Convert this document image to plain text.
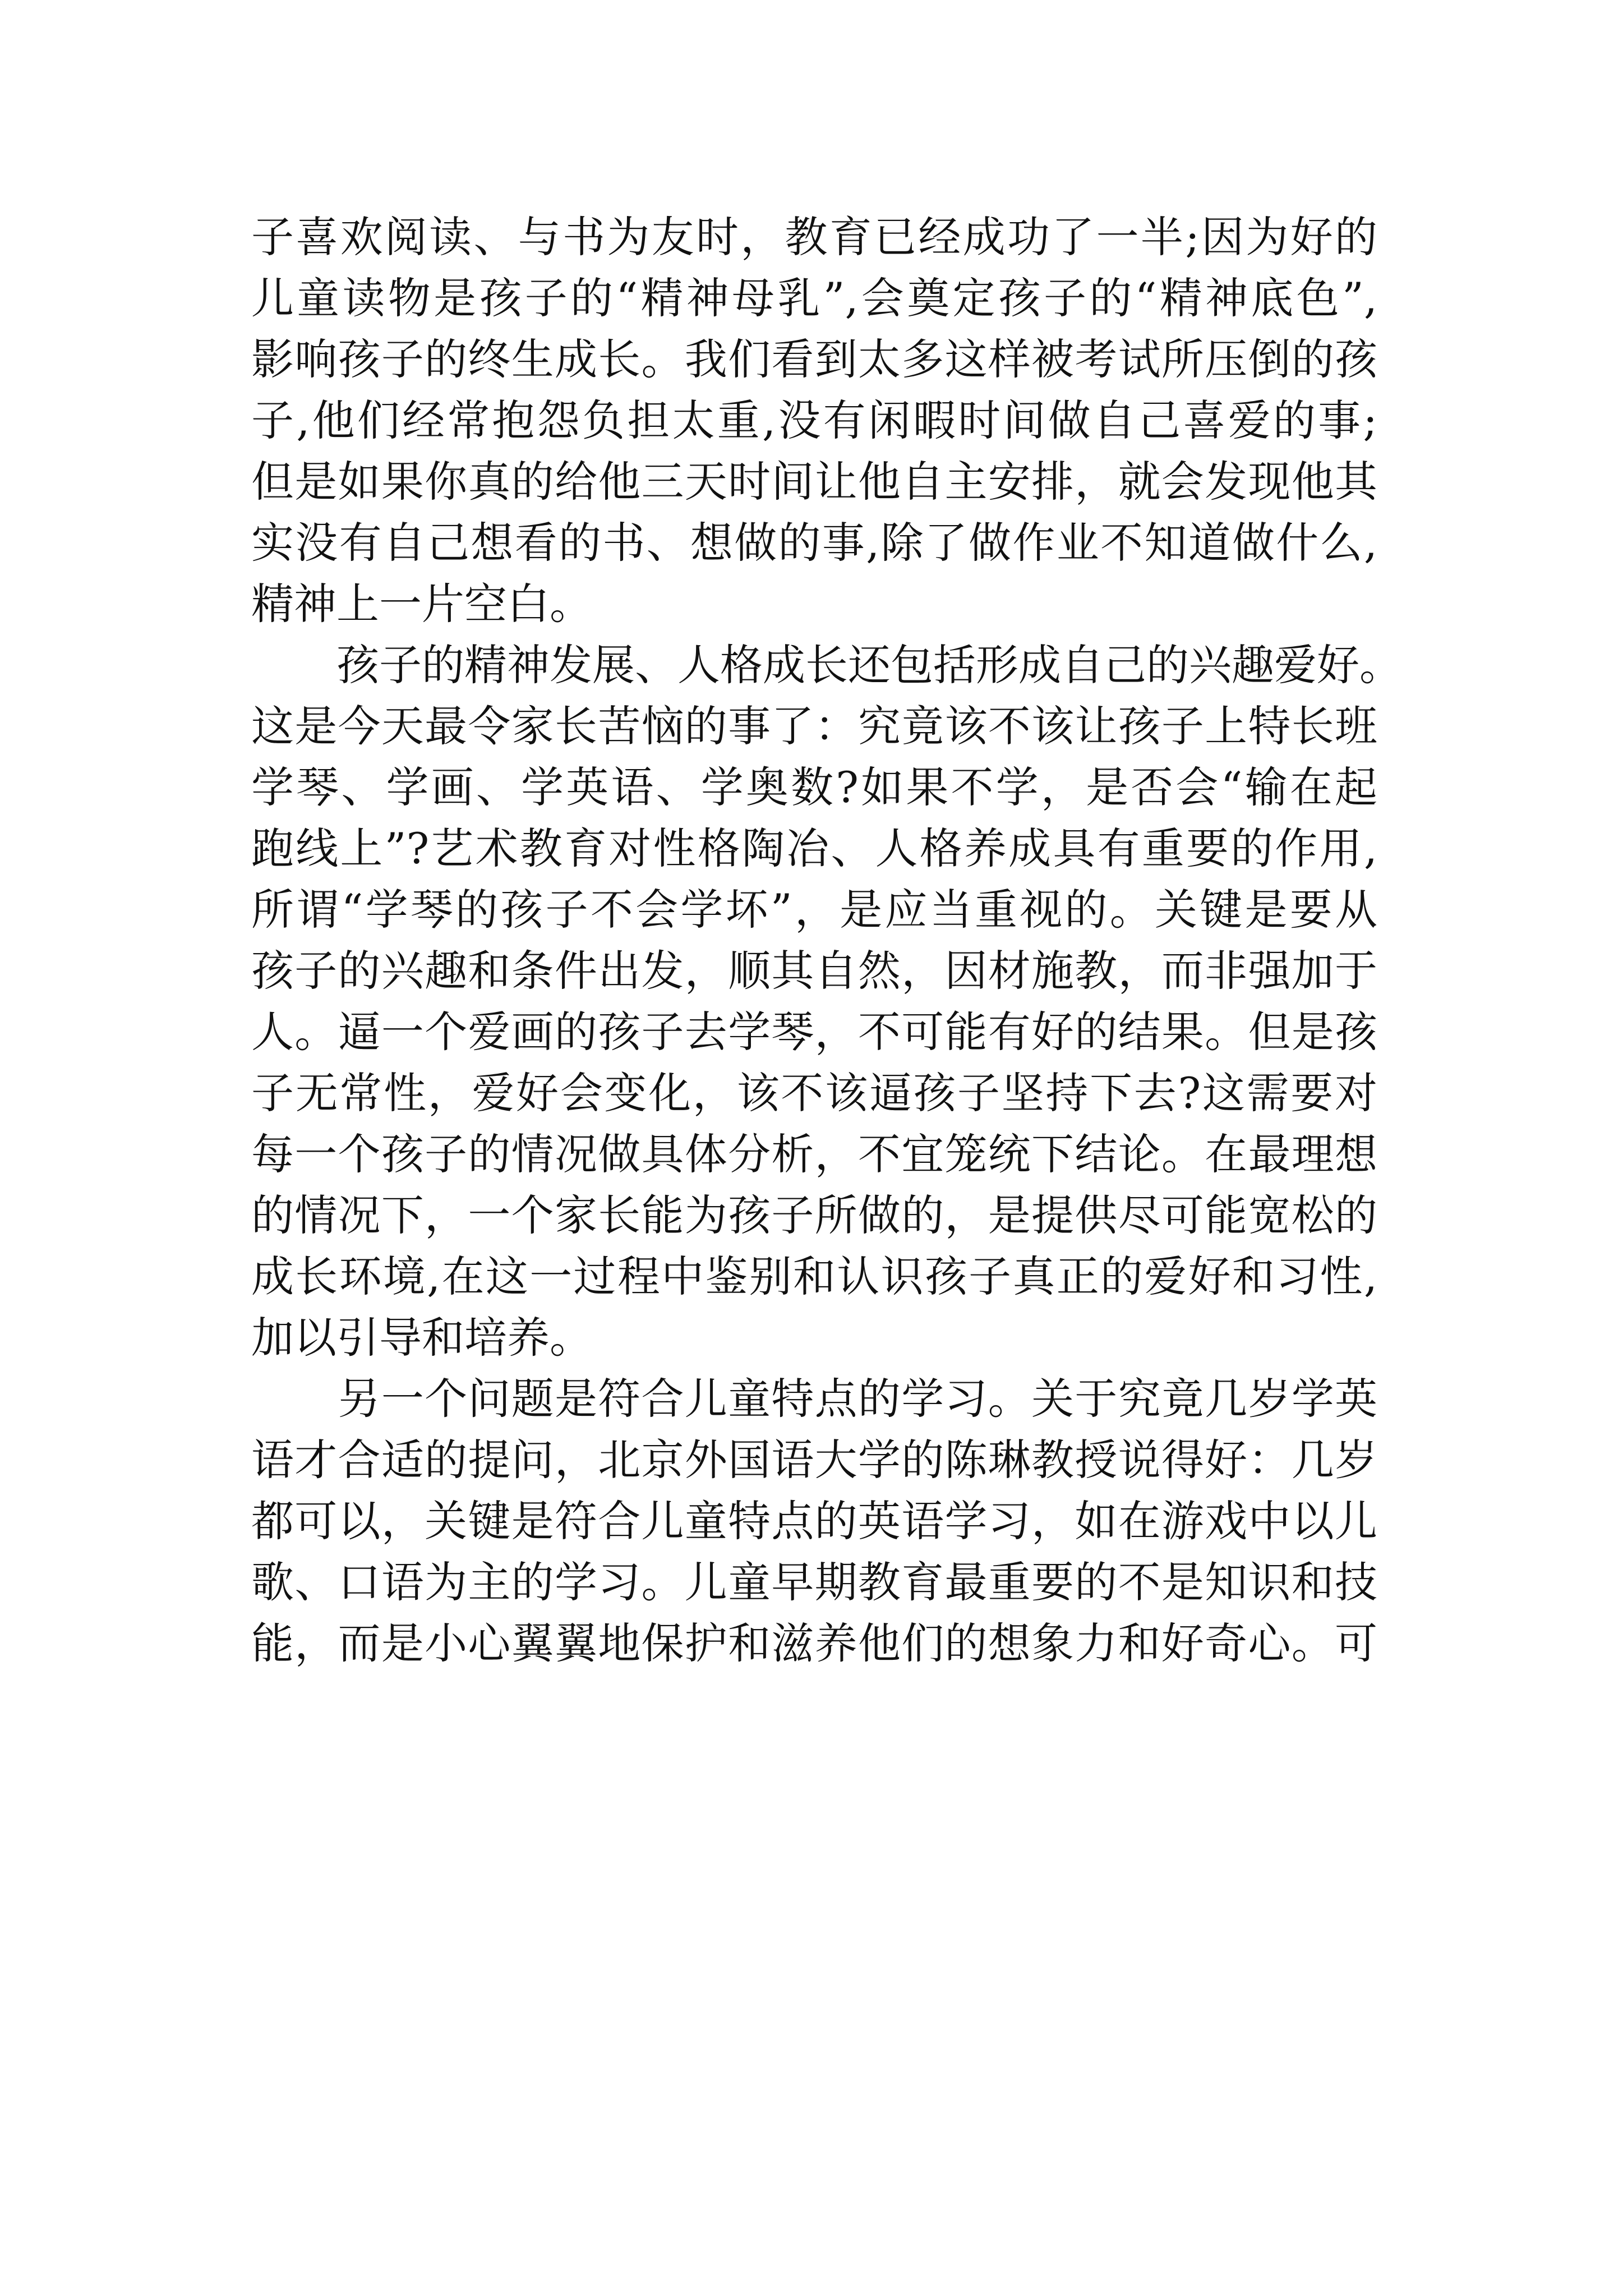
子喜欢阅读、与书为友时，教育已经成功了一半;因为好的
儿童读物是孩子的“精神母乳”,会奠定孩子的“精神底色”,
影响孩子的终生成长。我们看到太多这样被考试所压倒的孩
子,他们经常抱怨负担太重,没有闲暇时间做自己喜爱的事;
但是如果你真的给他三天时间让他自主安排，就会发现他其
实没有自己想看的书、想做的事,除了做作业不知道做什么,
精神上一片空白。
　　孩子的精神发展、人格成长还包括形成自己的兴趣爱好。
这是今天最令家长苦恼的事了：究竟该不该让孩子上特长班
学琴、学画、学英语、学奥数?如果不学，是否会“输在起
跑线上”?艺术教育对性格陶冶、人格养成具有重要的作用,
所谓“学琴的孩子不会学坏”，是应当重视的。关键是要从
孩子的兴趣和条件出发，顺其自然，因材施教，而非强加于
人。逼一个爱画的孩子去学琴，不可能有好的结果。但是孩
子无常性，爱好会变化，该不该逼孩子坚持下去?这需要对
每一个孩子的情况做具体分析，不宜笼统下结论。在最理想
的情况下，一个家长能为孩子所做的，是提供尽可能宽松的
成长环境,在这一过程中鉴别和认识孩子真正的爱好和习性,
加以引导和培养。
　　另一个问题是符合儿童特点的学习。关于究竟几岁学英
语才合适的提问，北京外国语大学的陈琳教授说得好：几岁
都可以，关键是符合儿童特点的英语学习，如在游戏中以儿
歌、口语为主的学习。儿童早期教育最重要的不是知识和技
能，而是小心翼翼地保护和滋养他们的想象力和好奇心。可
